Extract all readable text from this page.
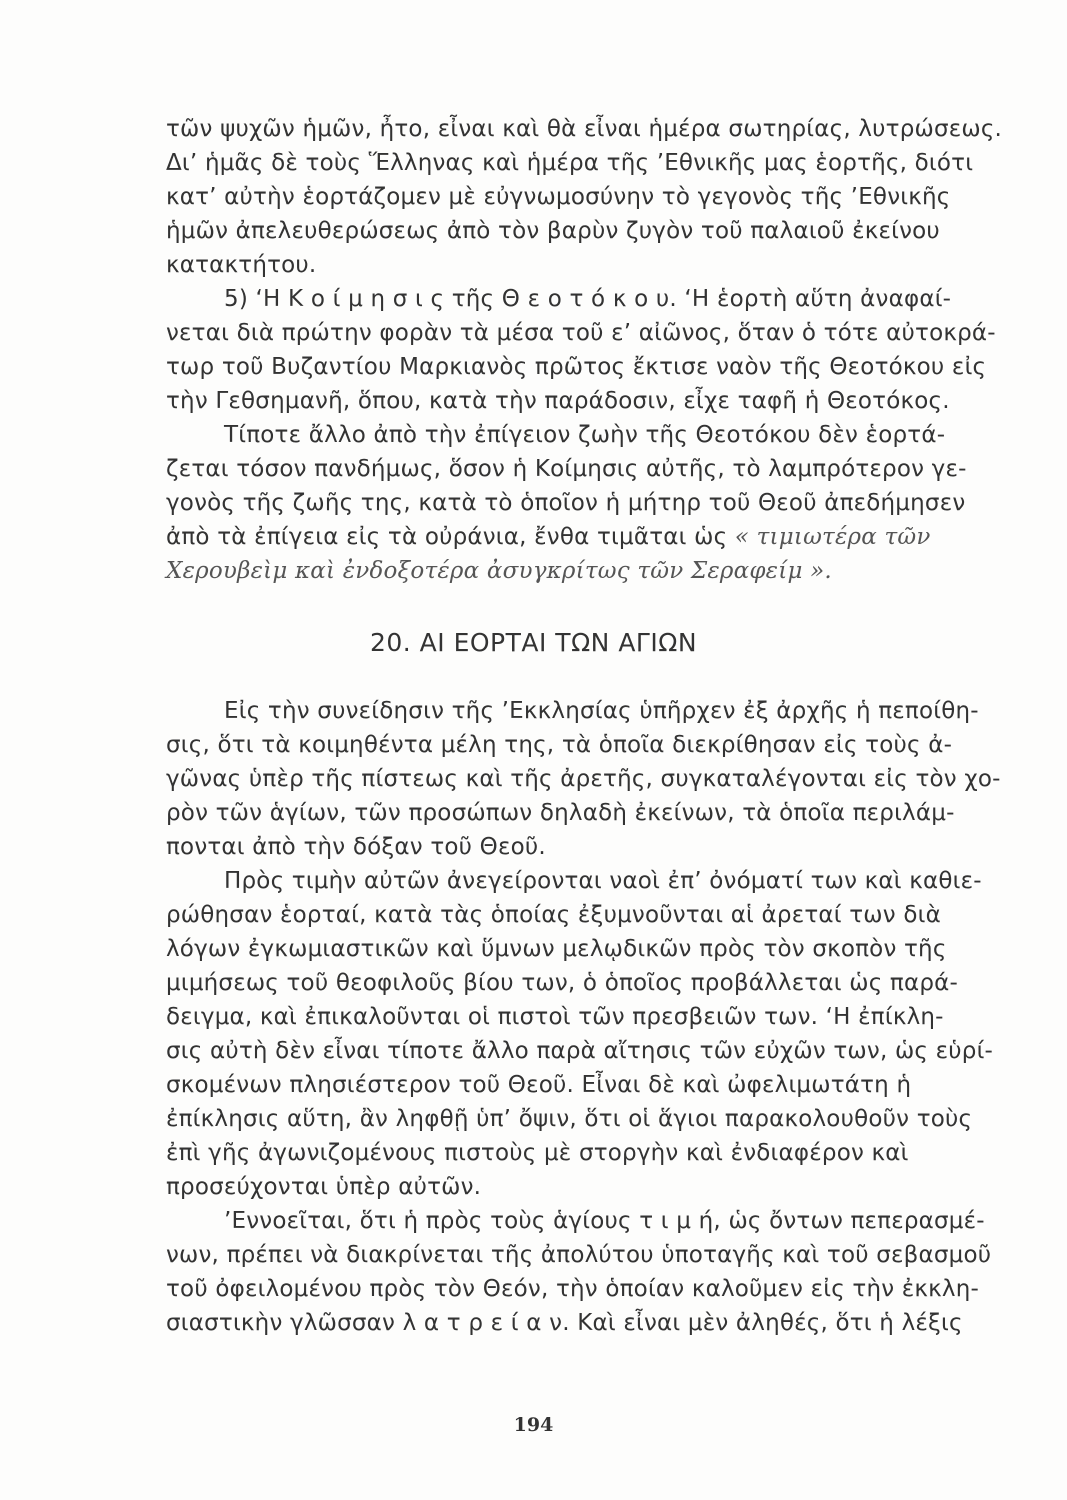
τῶν ψυχῶν ἡμῶν, ἦτο, εἶναι καὶ θὰ εἶναι ἡμέρα σωτηρίας, λυτρώσεως.
Δι’ ἡμᾶς δὲ τοὺς Ἕλληνας καὶ ἡμέρα τῆς ’Εθνικῆς μας ἑορτῆς, διότι
κατ’ αὐτὴν ἑορτάζομεν μὲ εὐγνωμοσύνην τὸ γεγονὸς τῆς ’Εθνικῆς
ἡμῶν ἀπελευθερώσεως ἀπὸ τὸν βαρὺν ζυγὸν τοῦ παλαιοῦ ἐκείνου
κατακτήτου.
5) ‘Η Κ ο ί μ η σ ι ς τῆς Θ ε ο τ ό κ ο υ. ‘Η ἑορτὴ αὕτη ἀναφαί-
νεται διὰ πρώτην φορὰν τὰ μέσα τοῦ ε’ αἰῶνος, ὅταν ὁ τότε αὐτοκρά-
τωρ τοῦ Βυζαντίου Μαρκιανὸς πρῶτος ἔκτισε ναὸν τῆς Θεοτόκου εἰς
τὴν Γεθσημανῆ, ὅπου, κατὰ τὴν παράδοσιν, εἶχε ταφῆ ἡ Θεοτόκος.
Τίποτε ἄλλο ἀπὸ τὴν ἐπίγειον ζωὴν τῆς Θεοτόκου δὲν ἑορτά-
ζεται τόσον πανδήμως, ὅσον ἡ Κοίμησις αὐτῆς, τὸ λαμπρότερον γε-
γονὸς τῆς ζωῆς της, κατὰ τὸ ὁποῖον ἡ μήτηρ τοῦ Θεοῦ ἀπεδήμησεν
ἀπὸ τὰ ἐπίγεια εἰς τὰ οὐράνια, ἔνθα τιμᾶται ὡς « τιμιωτέρα τῶν
Χερουβεὶμ καὶ ἐνδοξοτέρα ἀσυγκρίτως τῶν Σεραφείμ ».
20. ΑΙ ΕΟΡΤΑΙ ΤΩΝ ΑΓΙΩΝ
Εἰς τὴν συνείδησιν τῆς ’Εκκλησίας ὑπῆρχεν ἐξ ἀρχῆς ἡ πεποίθη-
σις, ὅτι τὰ κοιμηθέντα μέλη της, τὰ ὁποῖα διεκρίθησαν εἰς τοὺς ἀ-
γῶνας ὑπὲρ τῆς πίστεως καὶ τῆς ἀρετῆς, συγκαταλέγονται εἰς τὸν χο-
ρὸν τῶν ἁγίων, τῶν προσώπων δηλαδὴ ἐκείνων, τὰ ὁποῖα περιλάμ-
πονται ἀπὸ τὴν δόξαν τοῦ Θεοῦ.
Πρὸς τιμὴν αὐτῶν ἀνεγείρονται ναοὶ ἐπ’ ὀνόματί των καὶ καθιε-
ρώθησαν ἑορταί, κατὰ τὰς ὁποίας ἐξυμνοῦνται αἱ ἀρεταί των διὰ
λόγων ἐγκωμιαστικῶν καὶ ὕμνων μελῳδικῶν πρὸς τὸν σκοπὸν τῆς
μιμήσεως τοῦ θεοφιλοῦς βίου των, ὁ ὁποῖος προβάλλεται ὡς παρά-
δειγμα, καὶ ἐπικαλοῦνται οἱ πιστοὶ τῶν πρεσβειῶν των. ‘Η ἐπίκλη-
σις αὐτὴ δὲν εἶναι τίποτε ἄλλο παρὰ αἴτησις τῶν εὐχῶν των, ὡς εὑρί-
σκομένων πλησιέστερον τοῦ Θεοῦ. Εἶναι δὲ καὶ ὠφελιμωτάτη ἡ
ἐπίκλησις αὕτη, ἂν ληφθῇ ὑπ’ ὄψιν, ὅτι οἱ ἅγιοι παρακολουθοῦν τοὺς
ἐπὶ γῆς ἀγωνιζομένους πιστοὺς μὲ στοργὴν καὶ ἐνδιαφέρον καὶ
προσεύχονται ὑπὲρ αὐτῶν.
’Εννοεῖται, ὅτι ἡ πρὸς τοὺς ἁγίους τ ι μ ή, ὡς ὄντων πεπερασμέ-
νων, πρέπει νὰ διακρίνεται τῆς ἀπολύτου ὑποταγῆς καὶ τοῦ σεβασμοῦ
τοῦ ὀφειλομένου πρὸς τὸν Θεόν, τὴν ὁποίαν καλοῦμεν εἰς τὴν ἐκκλη-
σιαστικὴν γλῶσσαν λ α τ ρ ε ί α ν. Καὶ εἶναι μὲν ἀληθές, ὅτι ἡ λέξις
194
